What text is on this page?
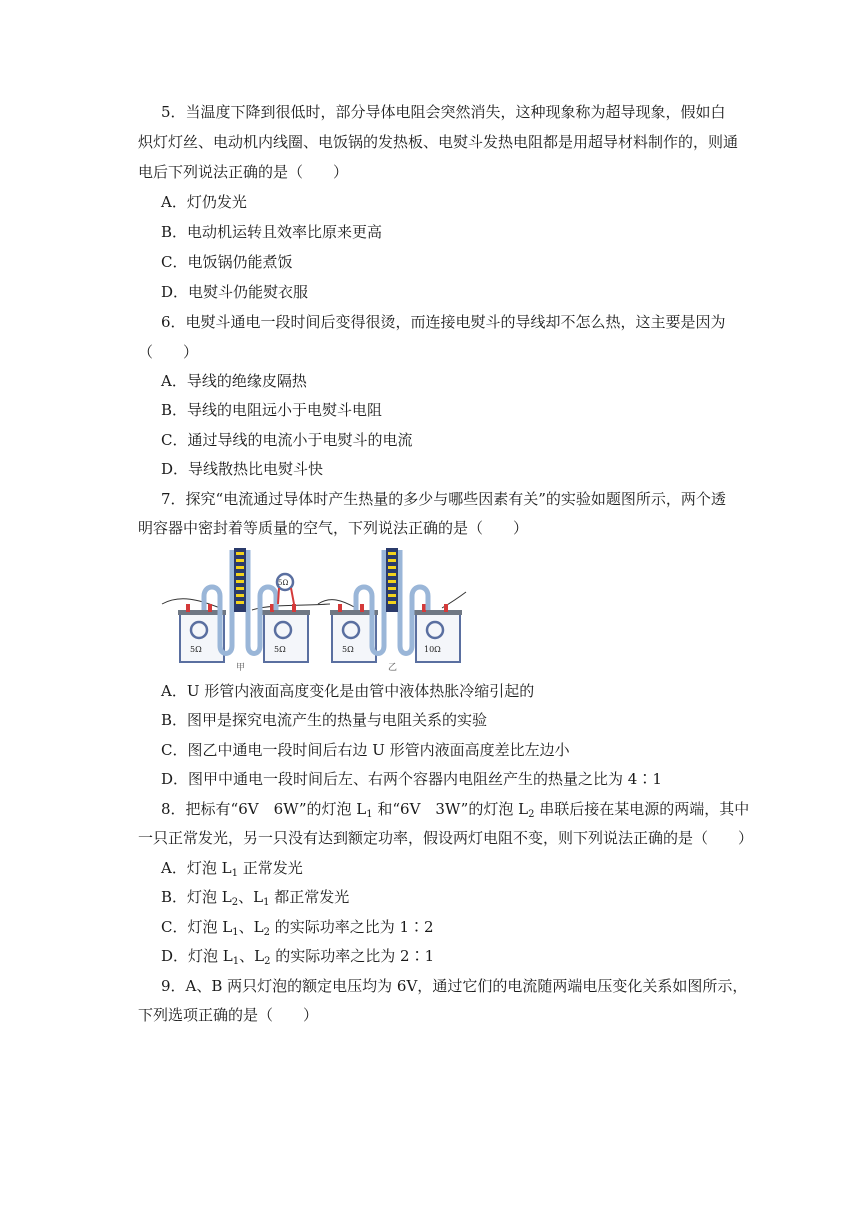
5．当温度下降到很低时，部分导体电阻会突然消失，这种现象称为超导现象，假如白
炽灯灯丝、电动机内线圈、电饭锅的发热板、电熨斗发热电阻都是用超导材料制作的，则通
电后下列说法正确的是（　　）
A．灯仍发光
B．电动机运转且效率比原来更高
C．电饭锅仍能煮饭
D．电熨斗仍能熨衣服
6．电熨斗通电一段时间后变得很烫，而连接电熨斗的导线却不怎么热，这主要是因为
（　　）
A．导线的绝缘皮隔热
B．导线的电阻远小于电熨斗电阻
C．通过导线的电流小于电熨斗的电流
D．导线散热比电熨斗快
7．探究“电流通过导体时产生热量的多少与哪些因素有关”的实验如题图所示，两个透
明容器中密封着等质量的空气，下列说法正确的是（　　）
5Ω	5Ω
5Ω
甲
5Ω	10Ω
乙
A．U 形管内液面高度变化是由管中液体热胀冷缩引起的
B．图甲是探究电流产生的热量与电阻关系的实验
C．图乙中通电一段时间后右边 U 形管内液面高度差比左边小
D．图甲中通电一段时间后左、右两个容器内电阻丝产生的热量之比为 4∶1
8．把标有“6V　6W”的灯泡 $L_1$ 和“6V　3W”的灯泡 $L_2$ 串联后接在某电源的两端，其中
一只正常发光，另一只没有达到额定功率，假设两灯电阻不变，则下列说法正确的是（　　）
A．灯泡 $L_1$ 正常发光
B．灯泡 $L_2$、$L_1$ 都正常发光
C．灯泡 $L_1$、$L_2$ 的实际功率之比为 1∶2
D．灯泡 $L_1$、$L_2$ 的实际功率之比为 2∶1
9．A、B 两只灯泡的额定电压均为 6V，通过它们的电流随两端电压变化关系如图所示，
下列选项正确的是（　　）
